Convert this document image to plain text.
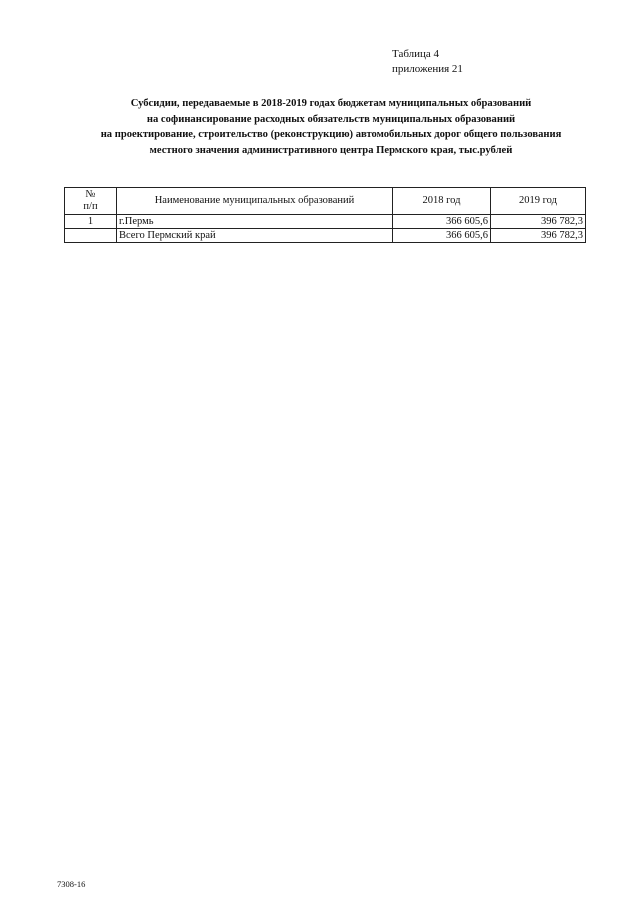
Таблица 4
приложения 21
Субсидии, передаваемые в 2018-2019 годах бюджетам муниципальных образований
на софинансирование расходных обязательств муниципальных образований
на проектирование, строительство (реконструкцию) автомобильных дорог общего пользования
местного значения административного центра Пермского края, тыс.рублей
№
п/п	Наименование муниципальных образований	2018 год	2019 год
1	г.Пермь	366 605,6	396 782,3
	Всего Пермский край	366 605,6	396 782,3
7308-16
